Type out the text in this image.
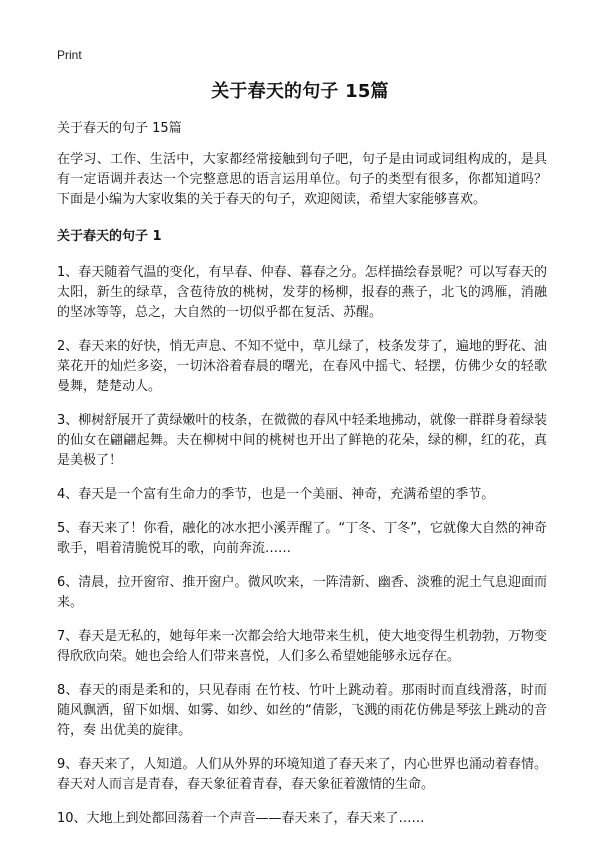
Print
关于春天的句子 15篇

关于春天的句子 15篇

在学习、工作、生活中，大家都经常接触到句子吧，句子是由词或词组构成的，是具有一定语调并表达一个完整意思的语言运用单位。句子的类型有很多，你都知道吗？下面是小编为大家收集的关于春天的句子，欢迎阅读，希望大家能够喜欢。

关于春天的句子 1

1、春天随着气温的变化，有早春、仲春、暮春之分。怎样描绘春景呢？可以写春天的太阳，新生的绿草，含苞待放的桃树，发芽的杨柳，报春的燕子，北飞的鸿雁，消融的坚冰等等，总之，大自然的一切似乎都在复活、苏醒。

2、春天来的好快，悄无声息、不知不觉中，草儿绿了，枝条发芽了，遍地的野花、油菜花开的灿烂多姿，一切沐浴着春晨的曙光，在春风中摇弋、轻摆，仿佛少女的轻歌曼舞，楚楚动人。

3、柳树舒展开了黄绿嫩叶的枝条，在微微的春风中轻柔地拂动，就像一群群身着绿装的仙女在翩翩起舞。夫在柳树中间的桃树也开出了鲜艳的花朵，绿的柳，红的花，真是美极了！

4、春天是一个富有生命力的季节，也是一个美丽、神奇，充满希望的季节。

5、春天来了！你看，融化的冰水把小溪弄醒了。“丁冬、丁冬”，它就像大自然的神奇歌手，唱着清脆悦耳的歌，向前奔流……

6、清晨，拉开窗帘、推开窗户。微风吹来，一阵清新、幽香、淡雅的泥土气息迎面而来。

7、春天是无私的，她每年来一次都会给大地带来生机，使大地变得生机勃勃，万物变得欣欣向荣。她也会给人们带来喜悦，人们多么希望她能够永远存在。

8、春天的雨是柔和的，只见春雨 在竹枝、竹叶上跳动着。那雨时而直线滑落，时而随风飘洒，留下如烟、如雾、如纱、如丝的“倩影，飞溅的雨花仿佛是琴弦上跳动的音符，奏 出优美的旋律。

9、春天来了，人知道。人们从外界的环境知道了春天来了，内心世界也涌动着春情。春天对人而言是青春，春天象征着青春，春天象征着激情的生命。

10、大地上到处都回荡着一个声音——春天来了，春天来了……
